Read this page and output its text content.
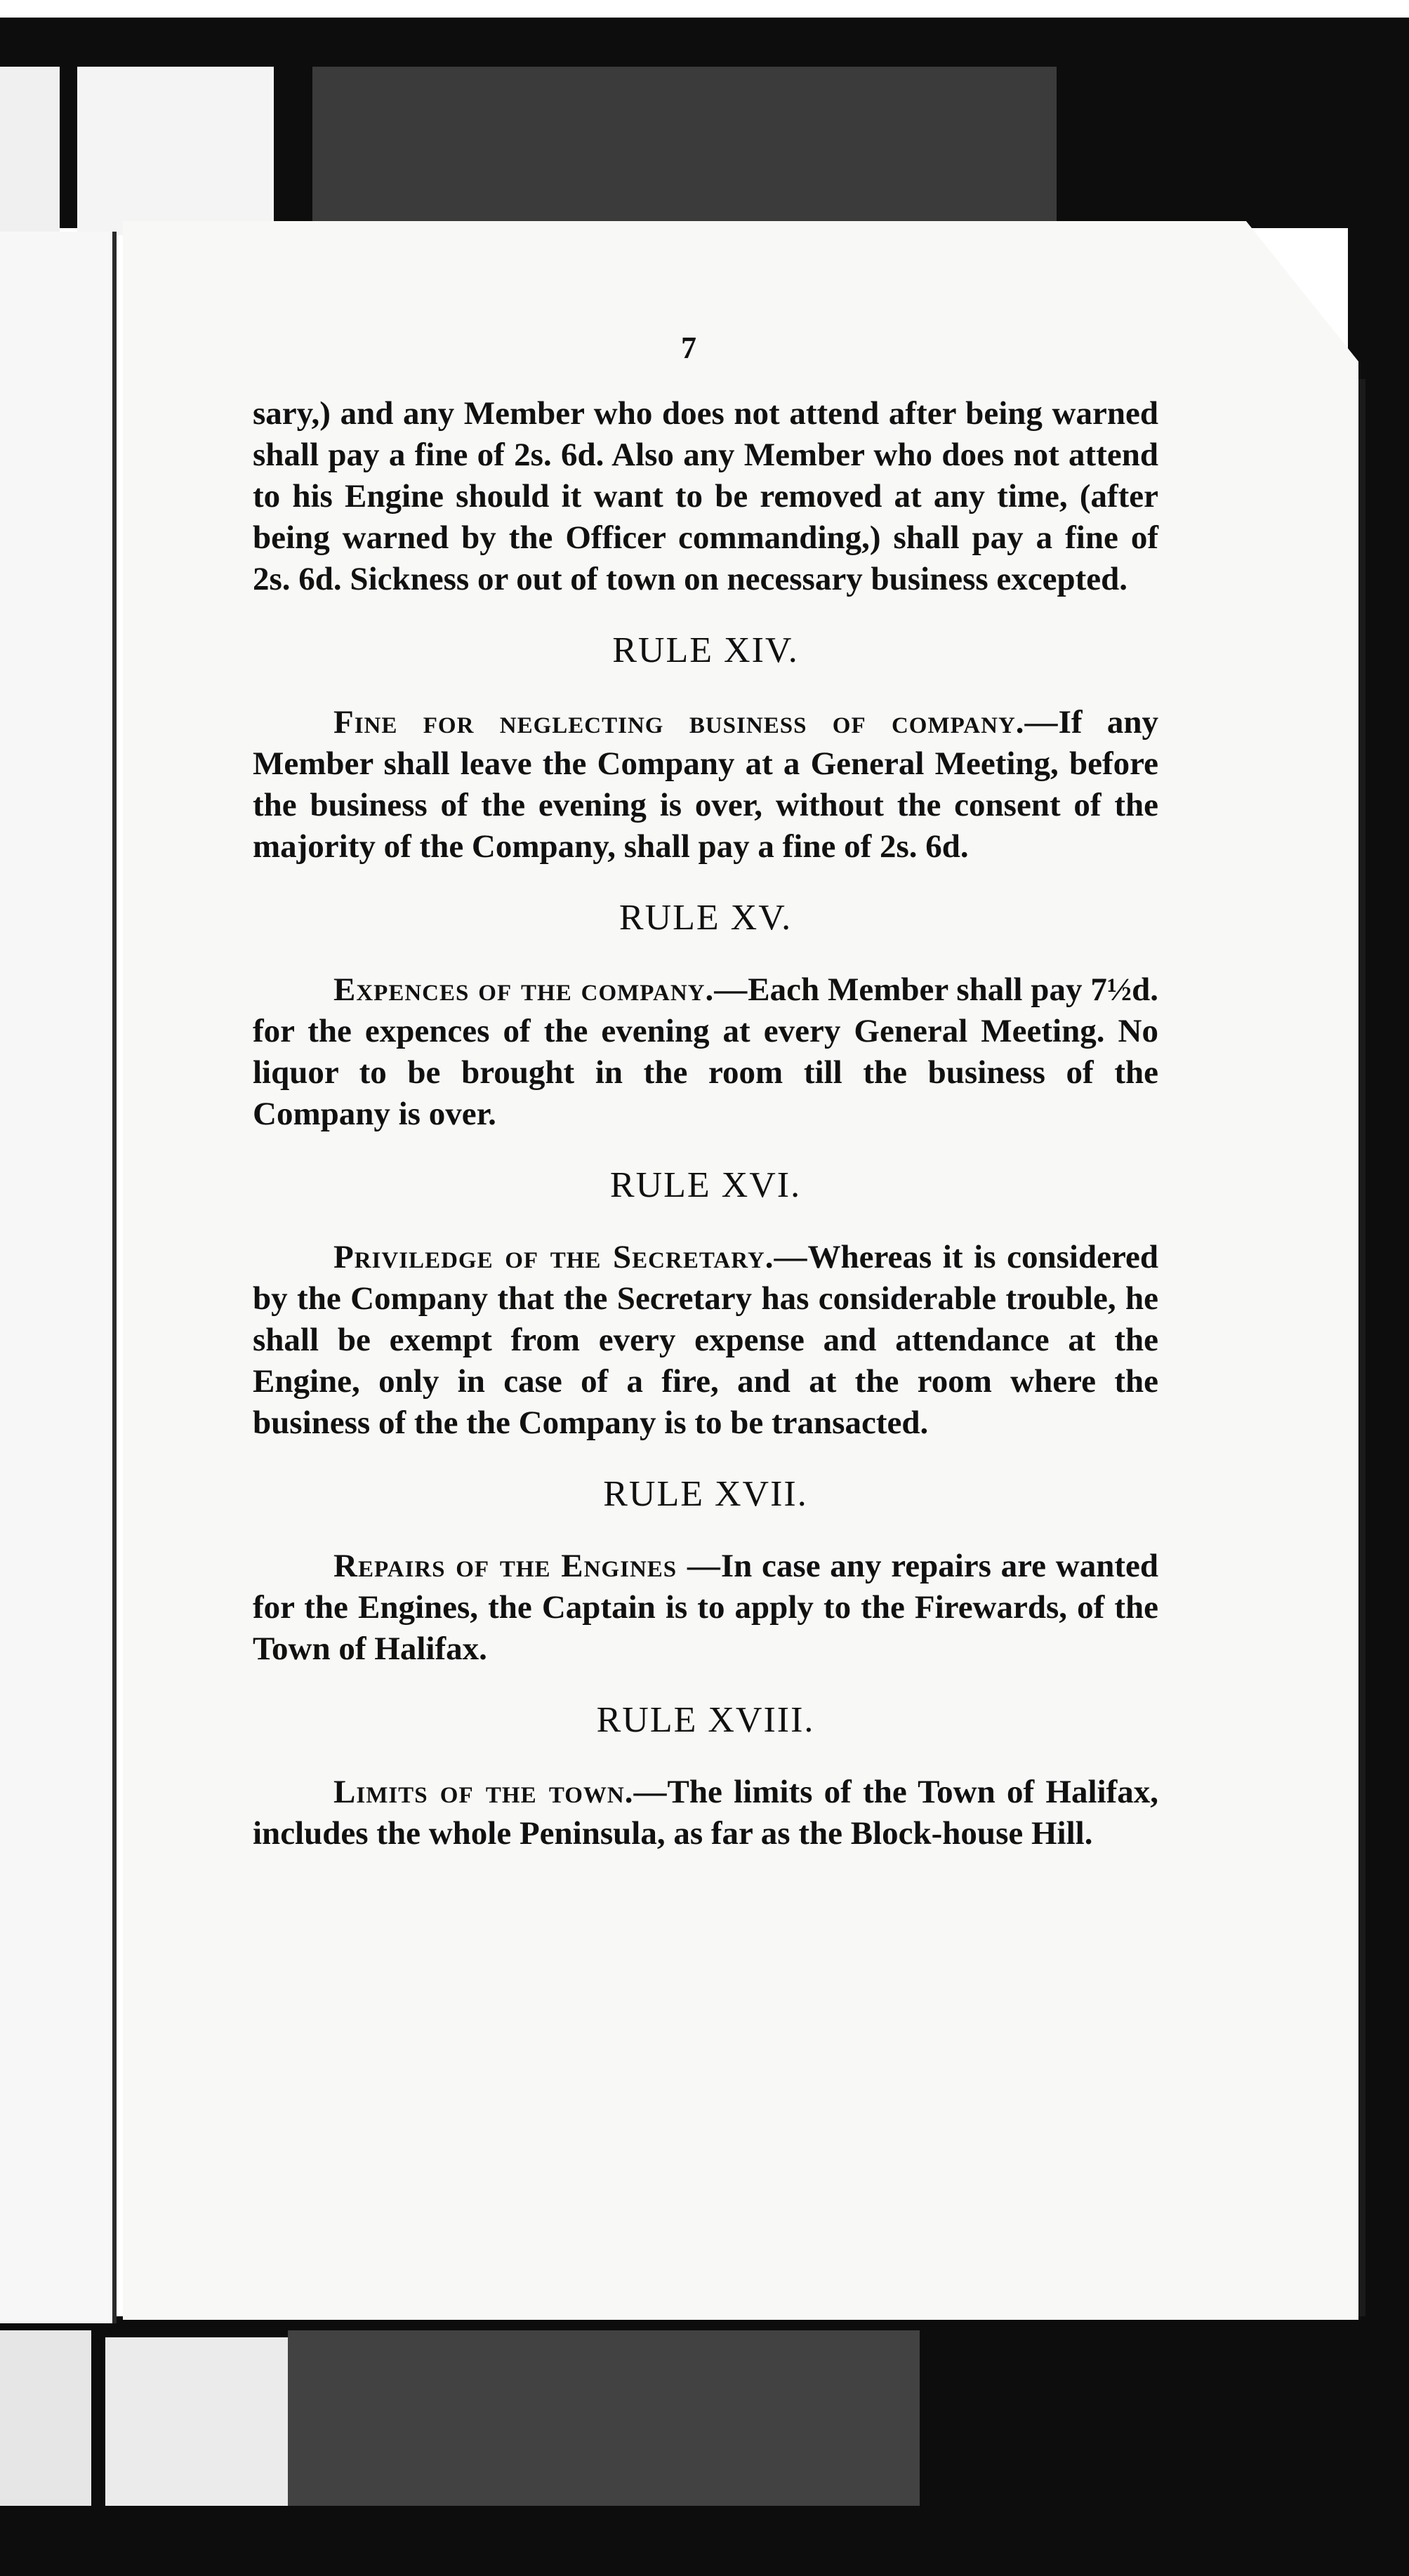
7

sary,) and any Member who does not attend after being warned shall pay a fine of 2s. 6d. Also any Member who does not attend to his Engine should it want to be removed at any time, (after being warned by the Officer commanding,) shall pay a fine of 2s. 6d. Sickness or out of town on necessary business excepted.

RULE XIV.

Fine for neglecting business of company.—If any Member shall leave the Company at a General Meeting, before the business of the evening is over, without the consent of the majority of the Company, shall pay a fine of 2s. 6d.

RULE XV.

Expences of the company.—Each Member shall pay 7½d. for the expences of the evening at every General Meeting. No liquor to be brought in the room till the business of the Company is over.

RULE XVI.

Priviledge of the Secretary.—Whereas it is considered by the Company that the Secretary has considerable trouble, he shall be exempt from every expense and attendance at the Engine, only in case of a fire, and at the room where the business of the the Company is to be transacted.

RULE XVII.

Repairs of the Engines —In case any repairs are wanted for the Engines, the Captain is to apply to the Firewards, of the Town of Halifax.

RULE XVIII.

Limits of the town.—The limits of the Town of Halifax, includes the whole Peninsula, as far as the Block-house Hill.
